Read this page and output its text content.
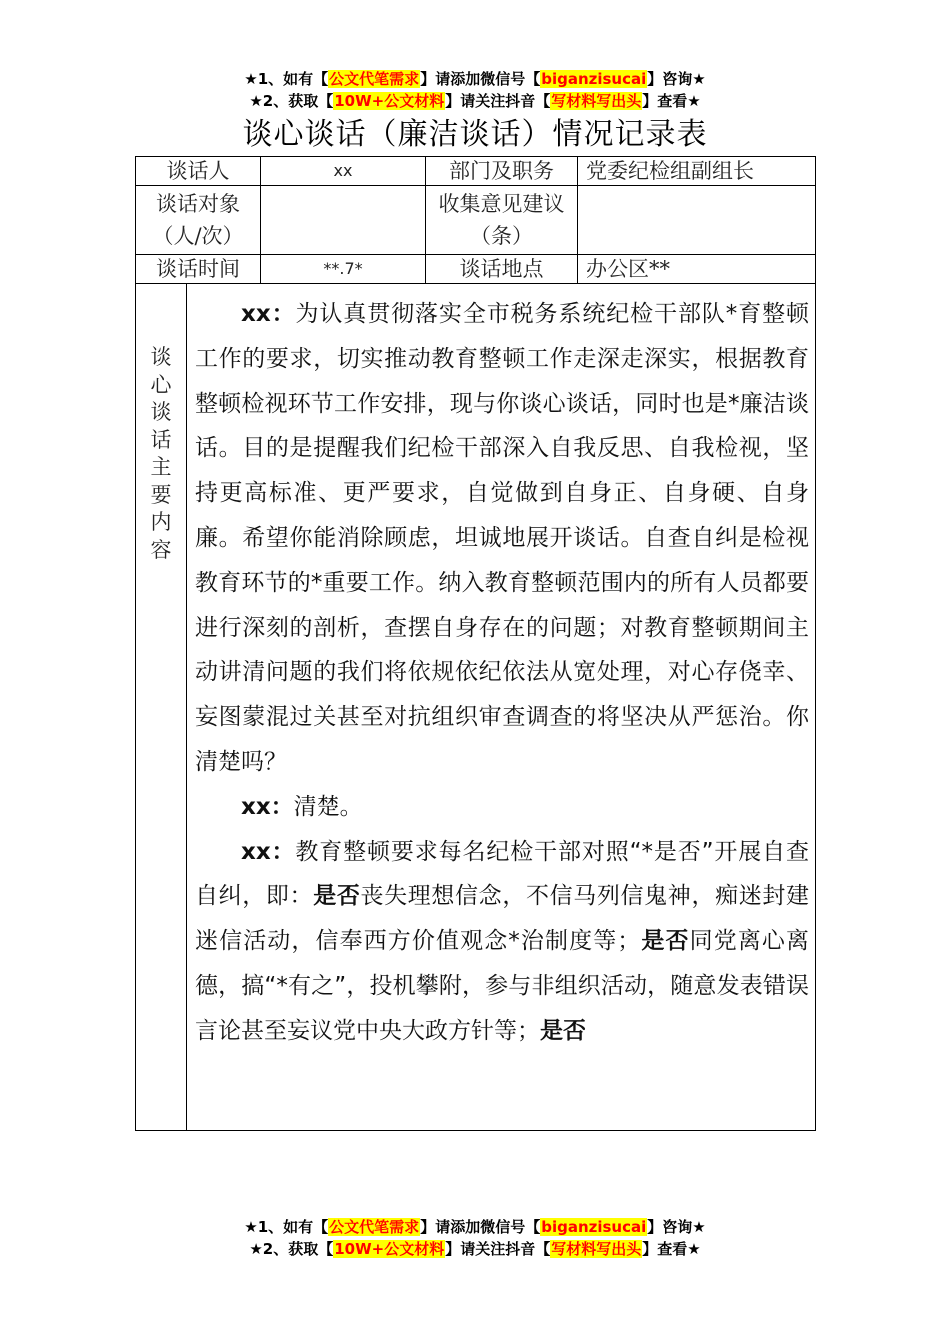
★1、如有【公文代笔需求】请添加微信号【biganzisucai】咨询★
★2、获取【10W+公文材料】请关注抖音【写材料写出头】查看★
谈心谈话（廉洁谈话）情况记录表
谈话人		xx	部门及职务	党委纪检组副组长
谈话对象（人/次）			收集意见建议（条）	
谈话时间		**.7*	谈话地点	办公区**

谈心谈话主要内容	xx：为认真贯彻落实全市税务系统纪检干部队*育整顿工作的要求，切实推动教育整顿工作走深走深实，根据教育整顿检视环节工作安排，现与你谈心谈话，同时也是*廉洁谈话。目的是提醒我们纪检干部深入自我反思、自我检视，坚持更高标准、更严要求，自觉做到自身正、自身硬、自身廉。希望你能消除顾虑，坦诚地展开谈话。自查自纠是检视教育环节的*重要工作。纳入教育整顿范围内的所有人员都要进行深刻的剖析，查摆自身存在的问题；对教育整顿期间主动讲清问题的我们将依规依纪依法从宽处理，对心存侥幸、妄图蒙混过关甚至对抗组织审查调查的将坚决从严惩治。你清楚吗？

xx：清楚。

xx：教育整顿要求每名纪检干部对照“*是否”开展自查自纠，即：是否丧失理想信念，不信马列信鬼神，痴迷封建迷信活动，信奉西方价值观念*治制度等；是否同党离心离德，搞“*有之”，投机攀附，参与非组织活动，随意发表错误言论甚至妄议党中央大政方针等；是否			

★1、如有【公文代笔需求】请添加微信号【biganzisucai】咨询★
★2、获取【10W+公文材料】请关注抖音【写材料写出头】查看★
